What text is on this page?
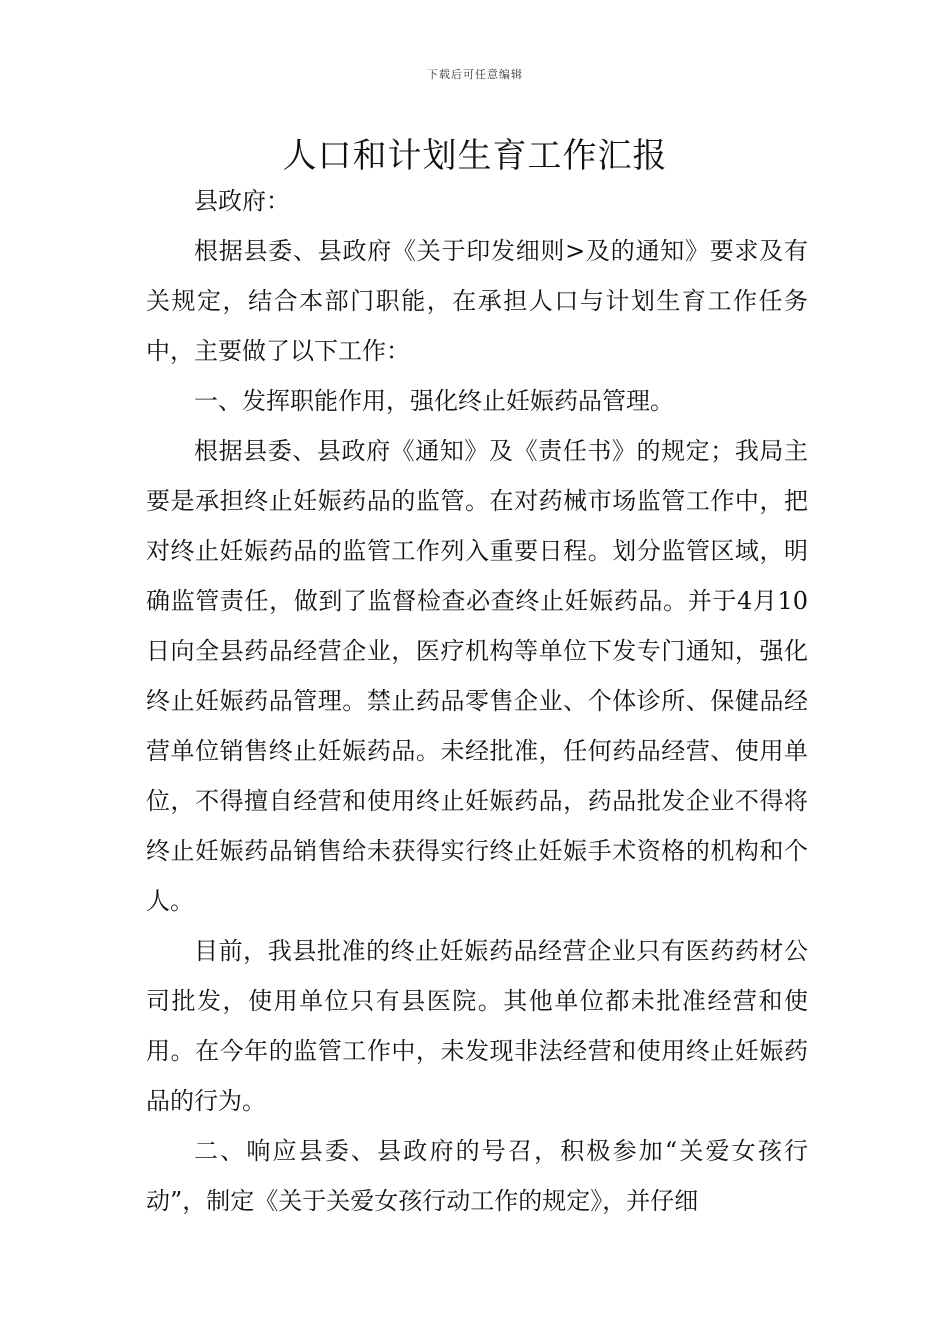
下载后可任意编辑
人口和计划生育工作汇报

县政府：

根据县委、县政府《关于印发细则>及的通知》要求及有关规定，结合本部门职能，在承担人口与计划生育工作任务中，主要做了以下工作：

一、发挥职能作用，强化终止妊娠药品管理。

根据县委、县政府《通知》及《责任书》的规定；我局主要是承担终止妊娠药品的监管。在对药械市场监管工作中，把对终止妊娠药品的监管工作列入重要日程。划分监管区域，明确监管责任，做到了监督检查必查终止妊娠药品。并于4月10日向全县药品经营企业，医疗机构等单位下发专门通知，强化终止妊娠药品管理。禁止药品零售企业、个体诊所、保健品经营单位销售终止妊娠药品。未经批准，任何药品经营、使用单位，不得擅自经营和使用终止妊娠药品，药品批发企业不得将终止妊娠药品销售给未获得实行终止妊娠手术资格的机构和个人。

目前，我县批准的终止妊娠药品经营企业只有医药药材公司批发，使用单位只有县医院。其他单位都未批准经营和使用。在今年的监管工作中，未发现非法经营和使用终止妊娠药品的行为。

二、响应县委、县政府的号召，积极参加“关爱女孩行动”，制定《关于关爱女孩行动工作的规定》，并仔细
